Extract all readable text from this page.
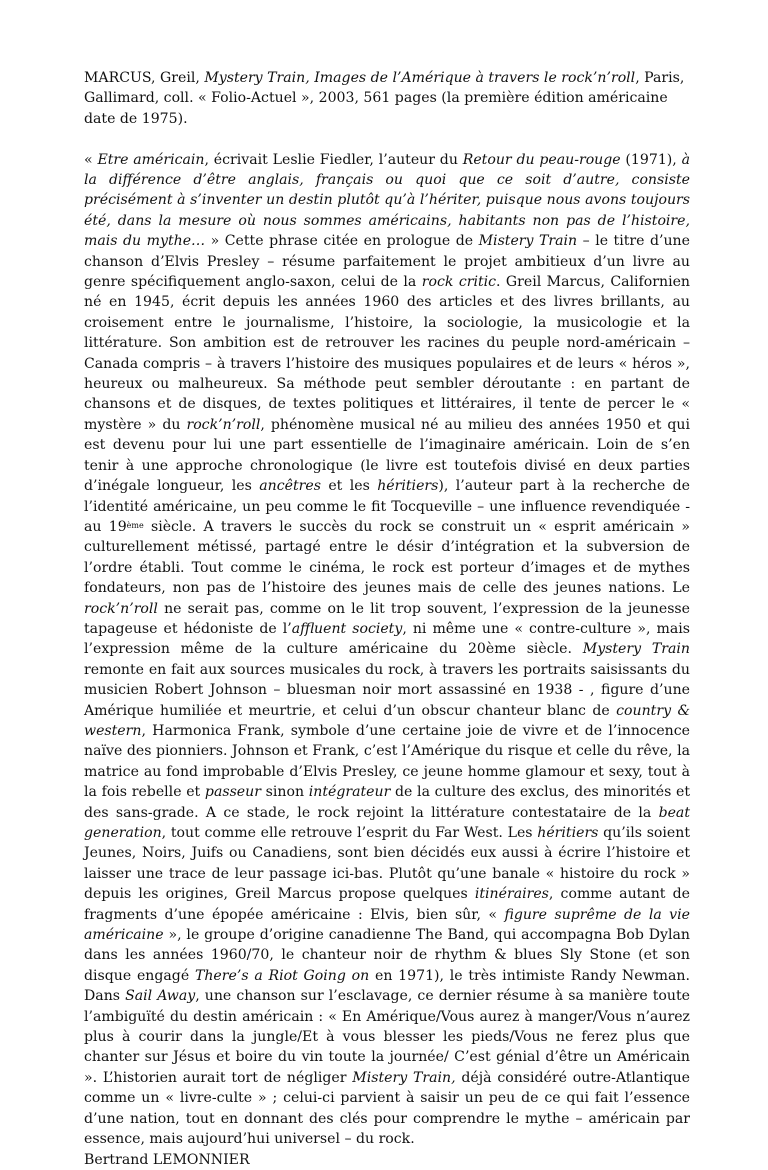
MARCUS, Greil, Mystery Train, Images de l’Amérique à travers le rock’n’roll, Paris, Gallimard, coll. « Folio-Actuel », 2003, 561 pages (la première édition américaine date de 1975).

« Etre américain, écrivait Leslie Fiedler, l’auteur du Retour du peau-rouge (1971), à la différence d’être anglais, français ou quoi que ce soit d’autre, consiste précisément à s’inventer un destin plutôt qu’à l’hériter, puisque nous avons toujours été, dans la mesure où nous sommes américains, habitants non pas de l’histoire, mais du mythe… » Cette phrase citée en prologue de Mistery Train – le titre d’une chanson d’Elvis Presley – résume parfaitement le projet ambitieux d’un livre au genre spécifiquement anglo-saxon, celui de la rock critic. Greil Marcus, Californien né en 1945, écrit depuis les années 1960 des articles et des livres brillants, au croisement entre le journalisme, l’histoire, la sociologie, la musicologie et la littérature. Son ambition est de retrouver les racines du peuple nord-américain – Canada compris – à travers l’histoire des musiques populaires et de leurs « héros », heureux ou malheureux. Sa méthode peut sembler déroutante : en partant de chansons et de disques, de textes politiques et littéraires, il tente de percer le « mystère » du rock’n’roll, phénomène musical né au milieu des années 1950 et qui est devenu pour lui une part essentielle de l’imaginaire américain. Loin de s’en tenir à une approche chronologique (le livre est toutefois divisé en deux parties d’inégale longueur, les ancêtres et les héritiers), l’auteur part à la recherche de l’identité américaine, un peu comme le fit Tocqueville – une influence revendiquée - au 19ème siècle. A travers le succès du rock se construit un « esprit américain » culturellement métissé, partagé entre le désir d’intégration et la subversion de l’ordre établi. Tout comme le cinéma, le rock est porteur d’images et de mythes fondateurs, non pas de l’histoire des jeunes mais de celle des jeunes nations. Le rock’n’roll ne serait pas, comme on le lit trop souvent, l’expression de la jeunesse tapageuse et hédoniste de l’affluent society, ni même une « contre-culture », mais l’expression même de la culture américaine du 20ème siècle. Mystery Train remonte en fait aux sources musicales du rock, à travers les portraits saisissants du musicien Robert Johnson – bluesman noir mort assassiné en 1938 - , figure d’une Amérique humiliée et meurtrie, et celui d’un obscur chanteur blanc de country & western, Harmonica Frank, symbole d’une certaine joie de vivre et de l’innocence naïve des pionniers. Johnson et Frank, c’est l’Amérique du risque et celle du rêve, la matrice au fond improbable d’Elvis Presley, ce jeune homme glamour et sexy, tout à la fois rebelle et passeur sinon intégrateur de la culture des exclus, des minorités et des sans-grade. A ce stade, le rock rejoint la littérature contestataire de la beat generation, tout comme elle retrouve l’esprit du Far West. Les héritiers qu’ils soient Jeunes, Noirs, Juifs ou Canadiens, sont bien décidés eux aussi à écrire l’histoire et laisser une trace de leur passage ici-bas. Plutôt qu’une banale « histoire du rock » depuis les origines, Greil Marcus propose quelques itinéraires, comme autant de fragments d’une épopée américaine : Elvis, bien sûr, « figure suprême de la vie américaine », le groupe d’origine canadienne The Band, qui accompagna Bob Dylan dans les années 1960/70, le chanteur noir de rhythm & blues Sly Stone (et son disque engagé There’s a Riot Going on en 1971), le très intimiste Randy Newman. Dans Sail Away, une chanson sur l’esclavage, ce dernier résume à sa manière toute l’ambiguïté du destin américain : « En Amérique/Vous aurez à manger/Vous n’aurez plus à courir dans la jungle/Et à vous blesser les pieds/Vous ne ferez plus que chanter sur Jésus et boire du vin toute la journée/ C’est génial d’être un Américain ». L’historien aurait tort de négliger Mistery Train, déjà considéré outre-Atlantique comme un « livre-culte » ; celui-ci parvient à saisir un peu de ce qui fait l’essence d’une nation, tout en donnant des clés pour comprendre le mythe – américain par essence, mais aujourd’hui universel – du rock.

Bertrand LEMONNIER
